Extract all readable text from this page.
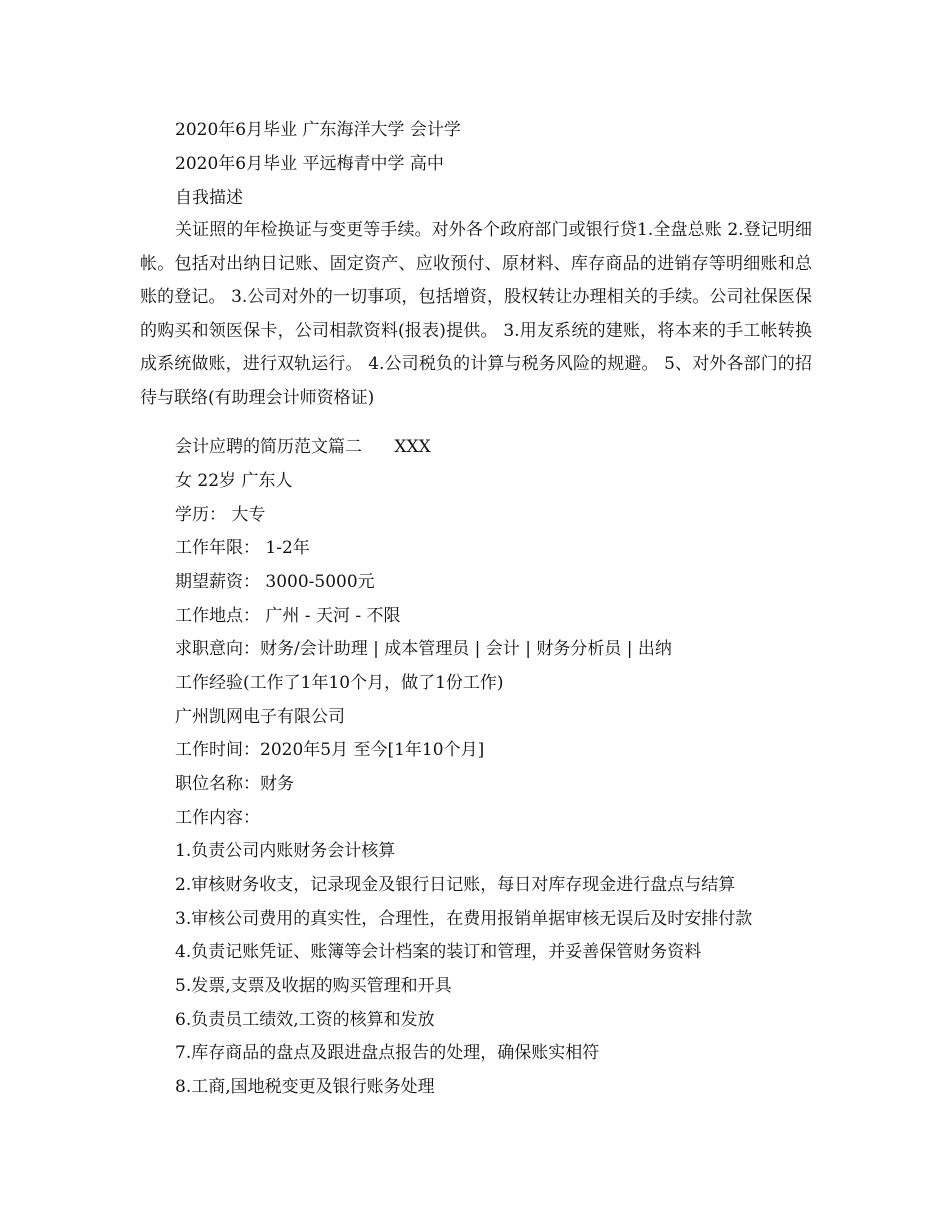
2020年6月毕业 广东海洋大学 会计学
2020年6月毕业 平远梅青中学 高中
自我描述
关证照的年检换证与变更等手续。对外各个政府部门或银行贷1.全盘总账 2.登记明细帐。包括对出纳日记账、固定资产、应收预付、原材料、库存商品的进销存等明细账和总账的登记。 3.公司对外的一切事项，包括增资，股权转让办理相关的手续。公司社保医保的购买和领医保卡，公司相款资料(报表)提供。 3.用友系统的建账，将本来的手工帐转换成系统做账，进行双轨运行。 4.公司税负的计算与税务风险的规避。 5、对外各部门的招待与联络(有助理会计师资格证)
会计应聘的简历范文篇二      XXX
女 22岁 广东人
学历： 大专
工作年限： 1-2年
期望薪资： 3000-5000元
工作地点： 广州 - 天河 - 不限
求职意向：财务/会计助理 | 成本管理员 | 会计 | 财务分析员 | 出纳
工作经验(工作了1年10个月，做了1份工作)
广州凯网电子有限公司
工作时间：2020年5月 至今[1年10个月]
职位名称：财务
工作内容：
1.负责公司内账财务会计核算
2.审核财务收支，记录现金及银行日记账，每日对库存现金进行盘点与结算
3.审核公司费用的真实性，合理性，在费用报销单据审核无误后及时安排付款
4.负责记账凭证、账簿等会计档案的装订和管理，并妥善保管财务资料
5.发票,支票及收据的购买管理和开具
6.负责员工绩效,工资的核算和发放
7.库存商品的盘点及跟进盘点报告的处理，确保账实相符
8.工商,国地税变更及银行账务处理
